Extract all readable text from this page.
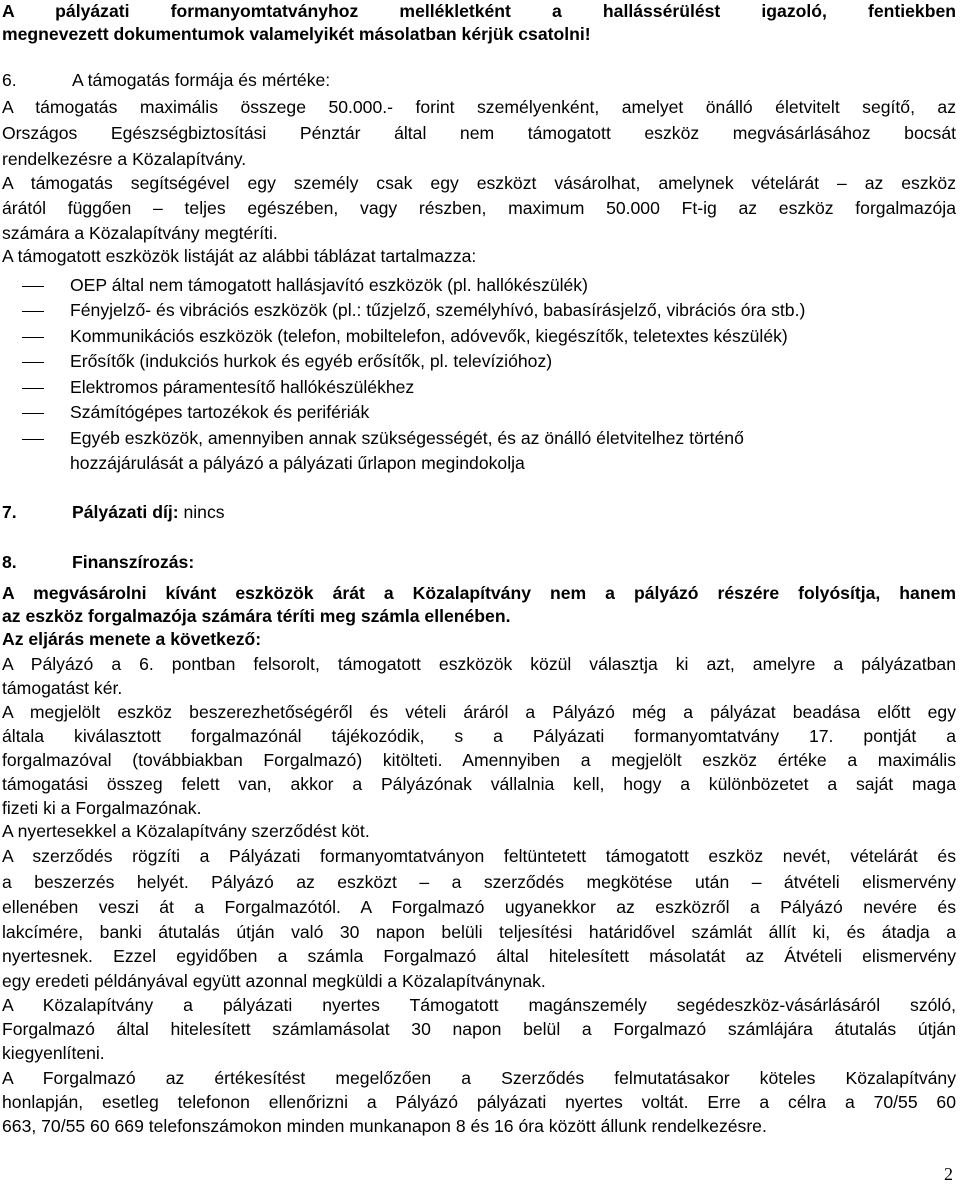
A pályázati formanyomtatványhoz mellékletként a hallássérülést igazoló, fentiekben
megnevezett dokumentumok valamelyikét másolatban kérjük csatolni!
6.	A támogatás formája és mértéke:
A támogatás maximális összege 50.000.- forint személyenként, amelyet önálló életvitelt segítő, az
Országos Egészségbiztosítási Pénztár által nem támogatott eszköz megvásárlásához bocsát
rendelkezésre a Közalapítvány.
A támogatás segítségével egy személy csak egy eszközt vásárolhat, amelynek vételárát – az eszköz
árától függően – teljes egészében, vagy részben, maximum 50.000 Ft-ig az eszköz forgalmazója
számára a Közalapítvány megtéríti.
A támogatott eszközök listáját az alábbi táblázat tartalmazza:
OEP által nem támogatott hallásjavító eszközök (pl. hallókészülék)
Fényjelző- és vibrációs eszközök (pl.: tűzjelző, személyhívó, babasírásjelző, vibrációs óra stb.)
Kommunikációs eszközök (telefon, mobiltelefon, adóvevők, kiegészítők, teletextes készülék)
Erősítők (indukciós hurkok és egyéb erősítők, pl. televízióhoz)
Elektromos páramentesítő hallókészülékhez
Számítógépes tartozékok és perifériák
Egyéb eszközök, amennyiben annak szükségességét, és az önálló életvitelhez történő
hozzájárulását a pályázó a pályázati űrlapon megindokolja
7.	Pályázati díj: nincs
8.	Finanszírozás:
A megvásárolni kívánt eszközök árát a Közalapítvány nem a pályázó részére folyósítja, hanem
az eszköz forgalmazója számára téríti meg számla ellenében.
Az eljárás menete a következő:
A Pályázó a 6. pontban felsorolt, támogatott eszközök közül választja ki azt, amelyre a pályázatban
támogatást kér.
A megjelölt eszköz beszerezhetőségéről és vételi áráról a Pályázó még a pályázat beadása előtt egy
általa kiválasztott forgalmazónál tájékozódik, s a Pályázati formanyomtatvány 17. pontját a
forgalmazóval (továbbiakban Forgalmazó) kitölteti. Amennyiben a megjelölt eszköz értéke a maximális
támogatási összeg felett van, akkor a Pályázónak vállalnia kell, hogy a különbözetet a saját maga
fizeti ki a Forgalmazónak.
A nyertesekkel a Közalapítvány szerződést köt.
A szerződés rögzíti a Pályázati formanyomtatványon feltüntetett támogatott eszköz nevét, vételárát és
a beszerzés helyét. Pályázó az eszközt – a szerződés megkötése után – átvételi elismervény
ellenében veszi át a Forgalmazótól. A Forgalmazó ugyanekkor az eszközről a Pályázó nevére és
lakcímére, banki átutalás útján való 30 napon belüli teljesítési határidővel számlát állít ki, és átadja a
nyertesnek. Ezzel egyidőben a számla Forgalmazó által hitelesített másolatát az Átvételi elismervény
egy eredeti példányával együtt azonnal megküldi a Közalapítványnak.
A Közalapítvány a pályázati nyertes Támogatott magánszemély segédeszköz-vásárlásáról szóló,
Forgalmazó által hitelesített számlamásolat 30 napon belül a Forgalmazó számlájára átutalás útján
kiegyenlíteni.
A Forgalmazó az értékesítést megelőzően a Szerződés felmutatásakor köteles Közalapítvány
honlapján, esetleg telefonon ellenőrizni a Pályázó pályázati nyertes voltát. Erre a célra a 70/55 60
663, 70/55 60 669 telefonszámokon minden munkanapon 8 és 16 óra között állunk rendelkezésre.
2
